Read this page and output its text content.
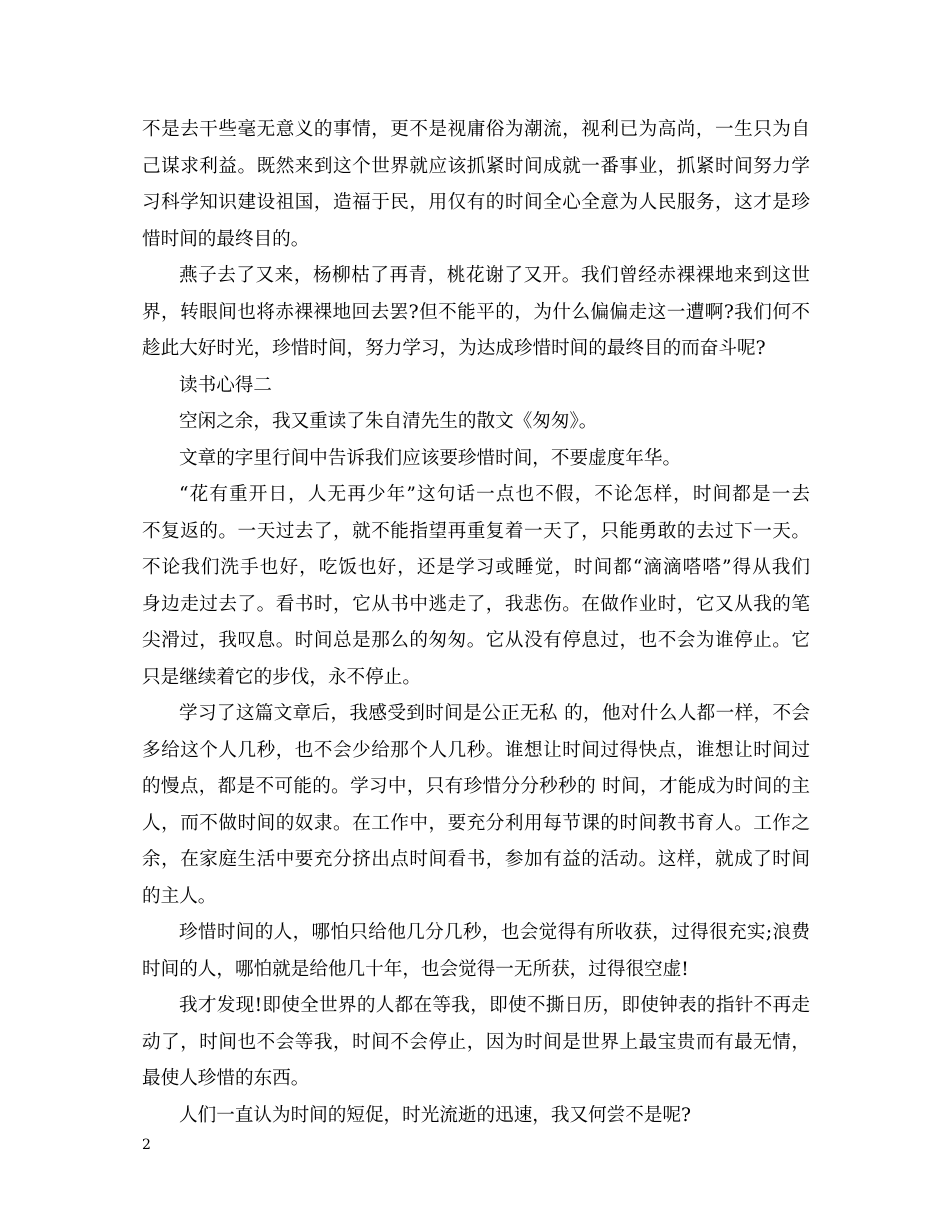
不是去干些毫无意义的事情，更不是视庸俗为潮流，视利已为高尚，一生只为自
己谋求利益。既然来到这个世界就应该抓紧时间成就一番事业，抓紧时间努力学
习科学知识建设祖国，造福于民，用仅有的时间全心全意为人民服务，这才是珍
惜时间的最终目的。
燕子去了又来，杨柳枯了再青，桃花谢了又开。我们曾经赤裸裸地来到这世
界，转眼间也将赤裸裸地回去罢?但不能平的，为什么偏偏走这一遭啊?我们何不
趁此大好时光，珍惜时间，努力学习，为达成珍惜时间的最终目的而奋斗呢?
读书心得二
空闲之余，我又重读了朱自清先生的散文《匆匆》。
文章的字里行间中告诉我们应该要珍惜时间，不要虚度年华。
“花有重开日，人无再少年”这句话一点也不假，不论怎样，时间都是一去
不复返的。一天过去了，就不能指望再重复着一天了，只能勇敢的去过下一天。
不论我们洗手也好，吃饭也好，还是学习或睡觉，时间都“滴滴嗒嗒”得从我们
身边走过去了。看书时，它从书中逃走了，我悲伤。在做作业时，它又从我的笔
尖滑过，我叹息。时间总是那么的匆匆。它从没有停息过，也不会为谁停止。它
只是继续着它的步伐，永不停止。
学习了这篇文章后，我感受到时间是公正无私 的，他对什么人都一样，不会
多给这个人几秒，也不会少给那个人几秒。谁想让时间过得快点，谁想让时间过
的慢点，都是不可能的。学习中，只有珍惜分分秒秒的 时间，才能成为时间的主
人，而不做时间的奴隶。在工作中，要充分利用每节课的时间教书育人。工作之
余，在家庭生活中要充分挤出点时间看书，参加有益的活动。这样，就成了时间
的主人。
珍惜时间的人，哪怕只给他几分几秒，也会觉得有所收获，过得很充实;浪费
时间的人，哪怕就是给他几十年，也会觉得一无所获，过得很空虚!
我才发现!即使全世界的人都在等我，即使不撕日历，即使钟表的指针不再走
动了，时间也不会等我，时间不会停止，因为时间是世界上最宝贵而有最无情，
最使人珍惜的东西。
人们一直认为时间的短促，时光流逝的迅速，我又何尝不是呢?
2
